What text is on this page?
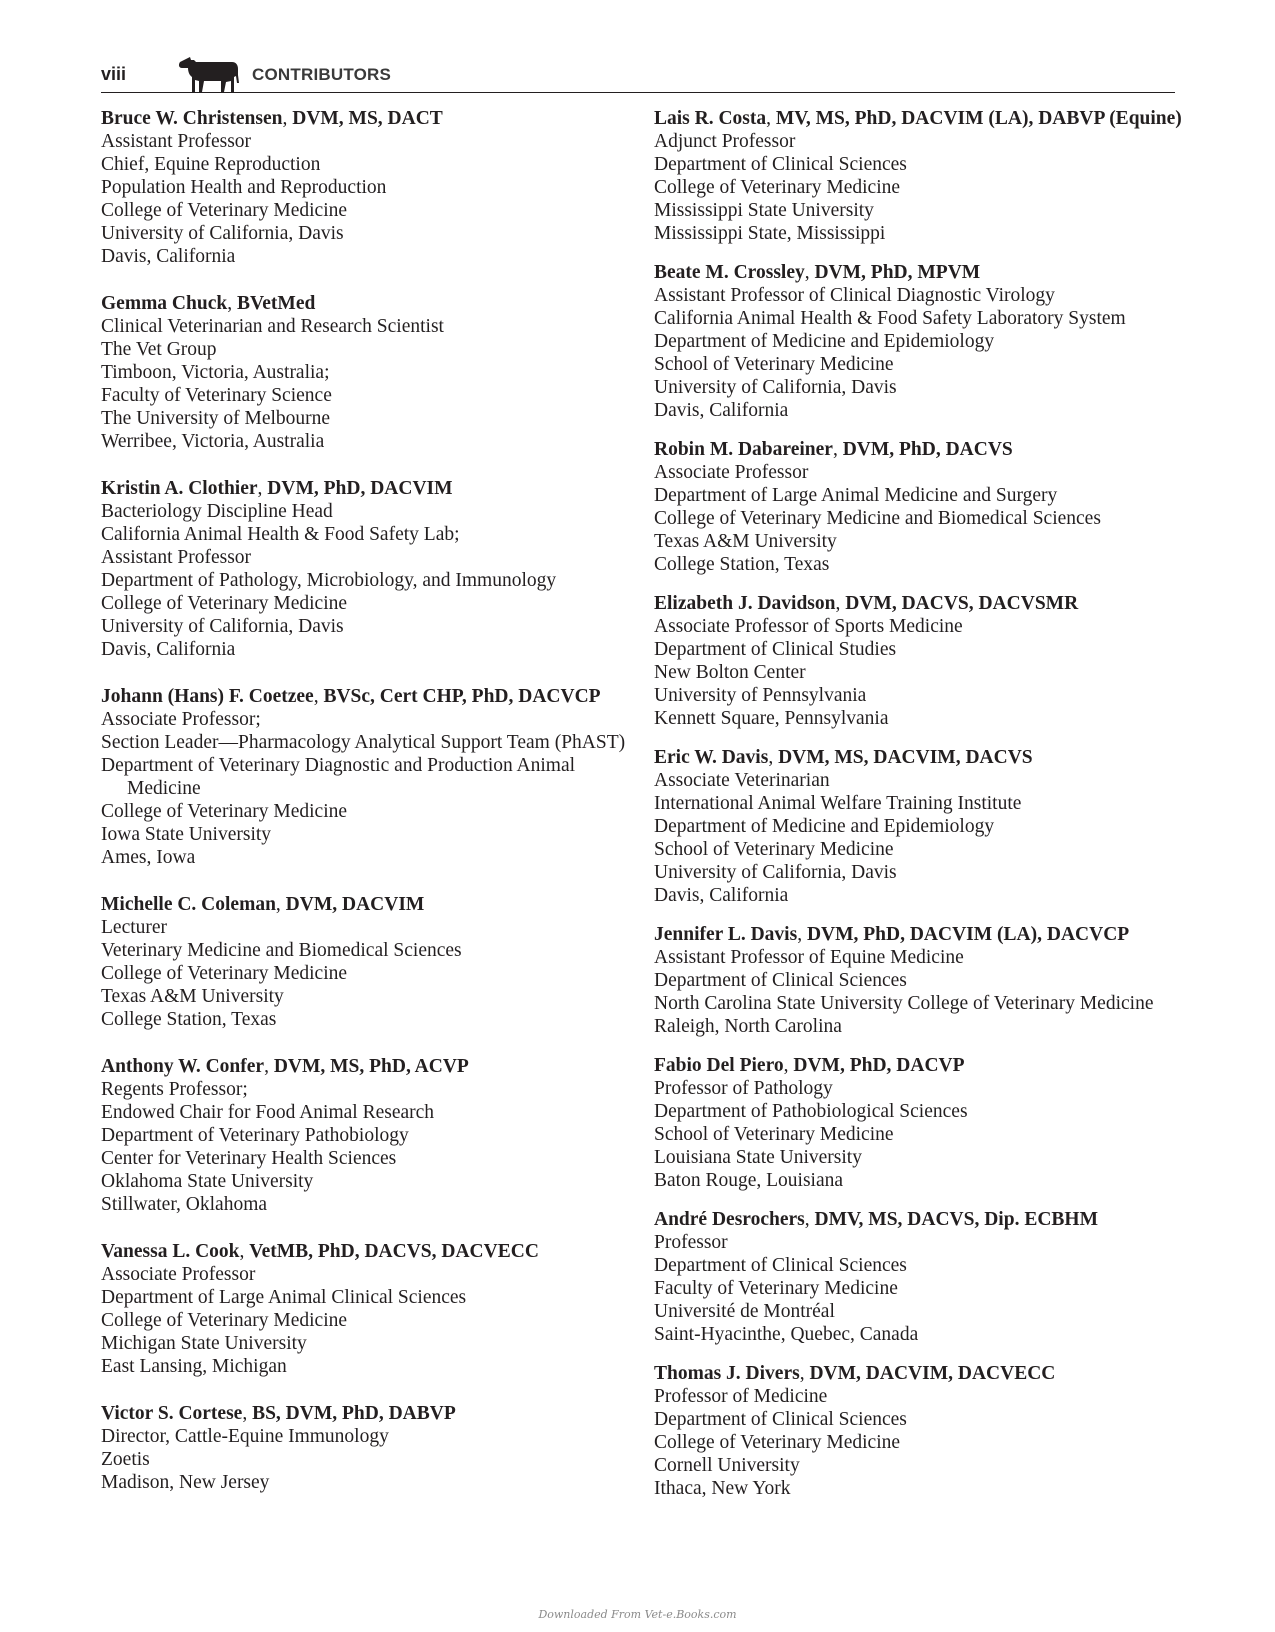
viii	CONTRIBUTORS
Bruce W. Christensen, DVM, MS, DACT
Assistant Professor
Chief, Equine Reproduction
Population Health and Reproduction
College of Veterinary Medicine
University of California, Davis
Davis, California
Gemma Chuck, BVetMed
Clinical Veterinarian and Research Scientist
The Vet Group
Timboon, Victoria, Australia;
Faculty of Veterinary Science
The University of Melbourne
Werribee, Victoria, Australia
Kristin A. Clothier, DVM, PhD, DACVIM
Bacteriology Discipline Head
California Animal Health & Food Safety Lab;
Assistant Professor
Department of Pathology, Microbiology, and Immunology
College of Veterinary Medicine
University of California, Davis
Davis, California
Johann (Hans) F. Coetzee, BVSc, Cert CHP, PhD, DACVCP
Associate Professor;
Section Leader—Pharmacology Analytical Support Team (PhAST)
Department of Veterinary Diagnostic and Production Animal Medicine
College of Veterinary Medicine
Iowa State University
Ames, Iowa
Michelle C. Coleman, DVM, DACVIM
Lecturer
Veterinary Medicine and Biomedical Sciences
College of Veterinary Medicine
Texas A&M University
College Station, Texas
Anthony W. Confer, DVM, MS, PhD, ACVP
Regents Professor;
Endowed Chair for Food Animal Research
Department of Veterinary Pathobiology
Center for Veterinary Health Sciences
Oklahoma State University
Stillwater, Oklahoma
Vanessa L. Cook, VetMB, PhD, DACVS, DACVECC
Associate Professor
Department of Large Animal Clinical Sciences
College of Veterinary Medicine
Michigan State University
East Lansing, Michigan
Victor S. Cortese, BS, DVM, PhD, DABVP
Director, Cattle-Equine Immunology
Zoetis
Madison, New Jersey
Lais R. Costa, MV, MS, PhD, DACVIM (LA), DABVP (Equine)
Adjunct Professor
Department of Clinical Sciences
College of Veterinary Medicine
Mississippi State University
Mississippi State, Mississippi
Beate M. Crossley, DVM, PhD, MPVM
Assistant Professor of Clinical Diagnostic Virology
California Animal Health & Food Safety Laboratory System
Department of Medicine and Epidemiology
School of Veterinary Medicine
University of California, Davis
Davis, California
Robin M. Dabareiner, DVM, PhD, DACVS
Associate Professor
Department of Large Animal Medicine and Surgery
College of Veterinary Medicine and Biomedical Sciences
Texas A&M University
College Station, Texas
Elizabeth J. Davidson, DVM, DACVS, DACVSMR
Associate Professor of Sports Medicine
Department of Clinical Studies
New Bolton Center
University of Pennsylvania
Kennett Square, Pennsylvania
Eric W. Davis, DVM, MS, DACVIM, DACVS
Associate Veterinarian
International Animal Welfare Training Institute
Department of Medicine and Epidemiology
School of Veterinary Medicine
University of California, Davis
Davis, California
Jennifer L. Davis, DVM, PhD, DACVIM (LA), DACVCP
Assistant Professor of Equine Medicine
Department of Clinical Sciences
North Carolina State University College of Veterinary Medicine
Raleigh, North Carolina
Fabio Del Piero, DVM, PhD, DACVP
Professor of Pathology
Department of Pathobiological Sciences
School of Veterinary Medicine
Louisiana State University
Baton Rouge, Louisiana
André Desrochers, DMV, MS, DACVS, Dip. ECBHM
Professor
Department of Clinical Sciences
Faculty of Veterinary Medicine
Université de Montréal
Saint-Hyacinthe, Quebec, Canada
Thomas J. Divers, DVM, DACVIM, DACVECC
Professor of Medicine
Department of Clinical Sciences
College of Veterinary Medicine
Cornell University
Ithaca, New York
Downloaded From Vet-e.Books.com
